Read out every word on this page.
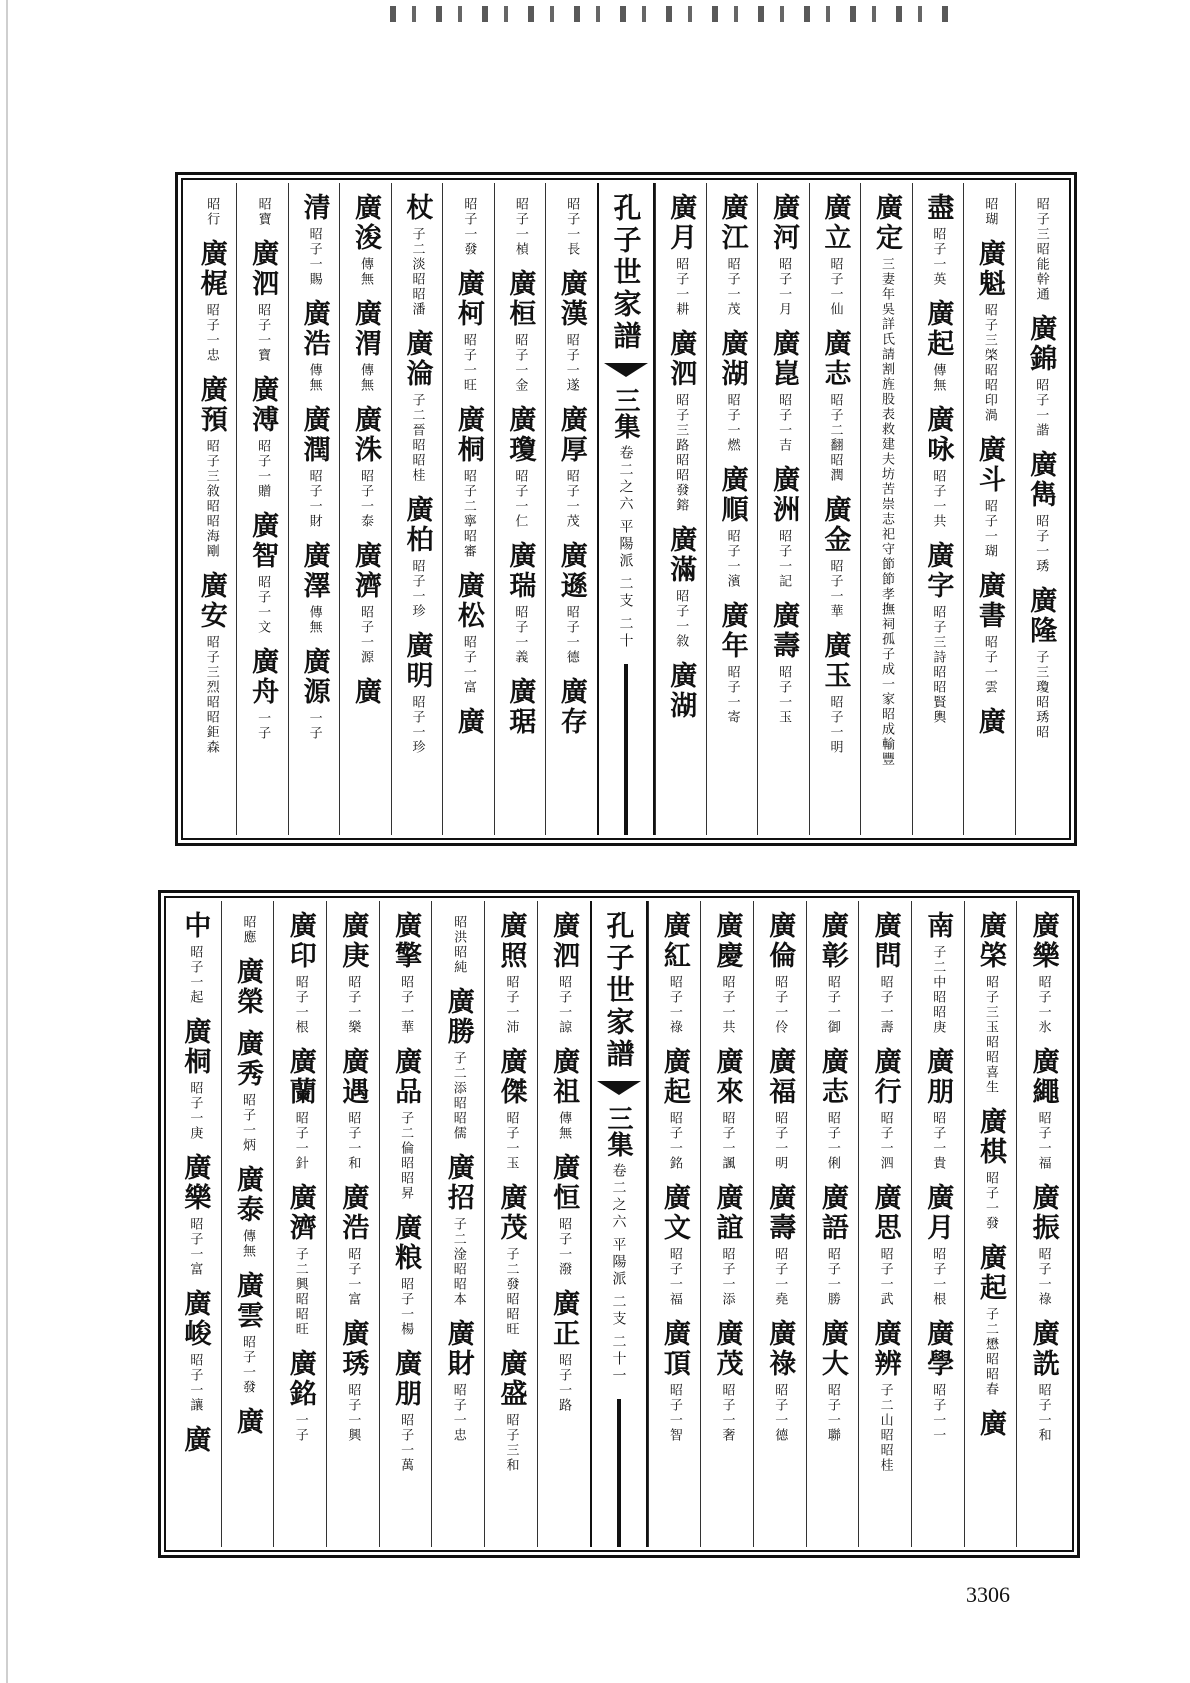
昭子三昭能幹通
廣錦昭子一諧
廣雋昭子一琇
廣隆子三瓊昭琇昭
昭瑚
廣魁昭子三棨昭昭印渦
廣斗昭子一瑚
廣書昭子一雲
廣
盡昭子一英
廣起傳無
廣咏昭子一共
廣字昭子三詩昭昭賢輿
廣定三妻年吳詳氏請割旌股表救建夫坊苦崇志祀守節節孝撫祠孤子成一家昭成輸豐
廣立昭子一仙
廣志昭子二翻昭潤
廣金昭子一華
廣玉昭子一明
廣河昭子一月
廣崑昭子一吉
廣洲昭子一記
廣壽昭子一玉
廣江昭子一茂
廣湖昭子一燃
廣順昭子一濱
廣年昭子一寄
廣月昭子一耕
廣泗昭子三路昭昭發鎔
廣滿昭子一敘
廣湖
孔子世家譜
三集
卷二之六
平陽派
二支
二十
昭子一長
廣漢昭子一遂
廣厚昭子一茂
廣遜昭子一德
廣存
昭子一楨
廣桓昭子一金
廣瓊昭子一仁
廣瑞昭子一義
廣琚
昭子一發
廣柯昭子一旺
廣桐昭子二寧昭審
廣松昭子一富
廣
杖子二淡昭昭潘
廣淪子二晉昭昭桂
廣柏昭子一珍
廣明昭子一珍
廣浚傳無
廣渭傳無
廣洙昭子一泰
廣濟昭子一源
廣
清昭子一賜
廣浩傳無
廣潤昭子一財
廣澤傳無
廣源一子
昭寶
廣泗昭子一寶
廣溥昭子一贈
廣智昭子一文
廣舟一子
昭行
廣梶昭子一忠
廣預昭子三敘昭昭海剛
廣安昭子三烈昭昭鉅森
廣樂昭子一氷
廣繩昭子一福
廣振昭子一祿
廣詵昭子一和
廣棨昭子三玉昭昭喜生
廣棋昭子一發
廣起子二懋昭昭春
廣
南子二中昭昭庚
廣朋昭子一貴
廣月昭子一根
廣學昭子一一
廣問昭子一壽
廣行昭子一泗
廣思昭子一武
廣辨子二山昭昭桂
廣彰昭子一御
廣志昭子一俐
廣語昭子一勝
廣大昭子一聯
廣倫昭子一伶
廣福昭子一明
廣壽昭子一堯
廣祿昭子一德
廣慶昭子一共
廣來昭子一諷
廣誼昭子一添
廣茂昭子一奢
廣紅昭子一祿
廣起昭子一銘
廣文昭子一福
廣頂昭子一智
孔子世家譜
三集
卷二之六
平陽派
二支
二十一
廣泗昭子一諒
廣祖傳無
廣恒昭子一潑
廣正昭子一路
廣照昭子一沛
廣傑昭子一玉
廣茂子二發昭昭旺
廣盛昭子三和
昭洪昭純
廣勝子二添昭昭儒
廣招子二淦昭昭本
廣財昭子一忠
廣擎昭子一華
廣品子二倫昭昭昇
廣粮昭子一楊
廣朋昭子一萬
廣庚昭子一樂
廣遇昭子一和
廣浩昭子一富
廣琇昭子一興
廣印昭子一根
廣蘭昭子一針
廣濟子二興昭昭旺
廣銘一子
昭應
廣榮
廣秀昭子一炳
廣泰傳無
廣雲昭子一發
廣
中昭子一起
廣桐昭子一庚
廣樂昭子一富
廣峻昭子一讓
廣
3306
